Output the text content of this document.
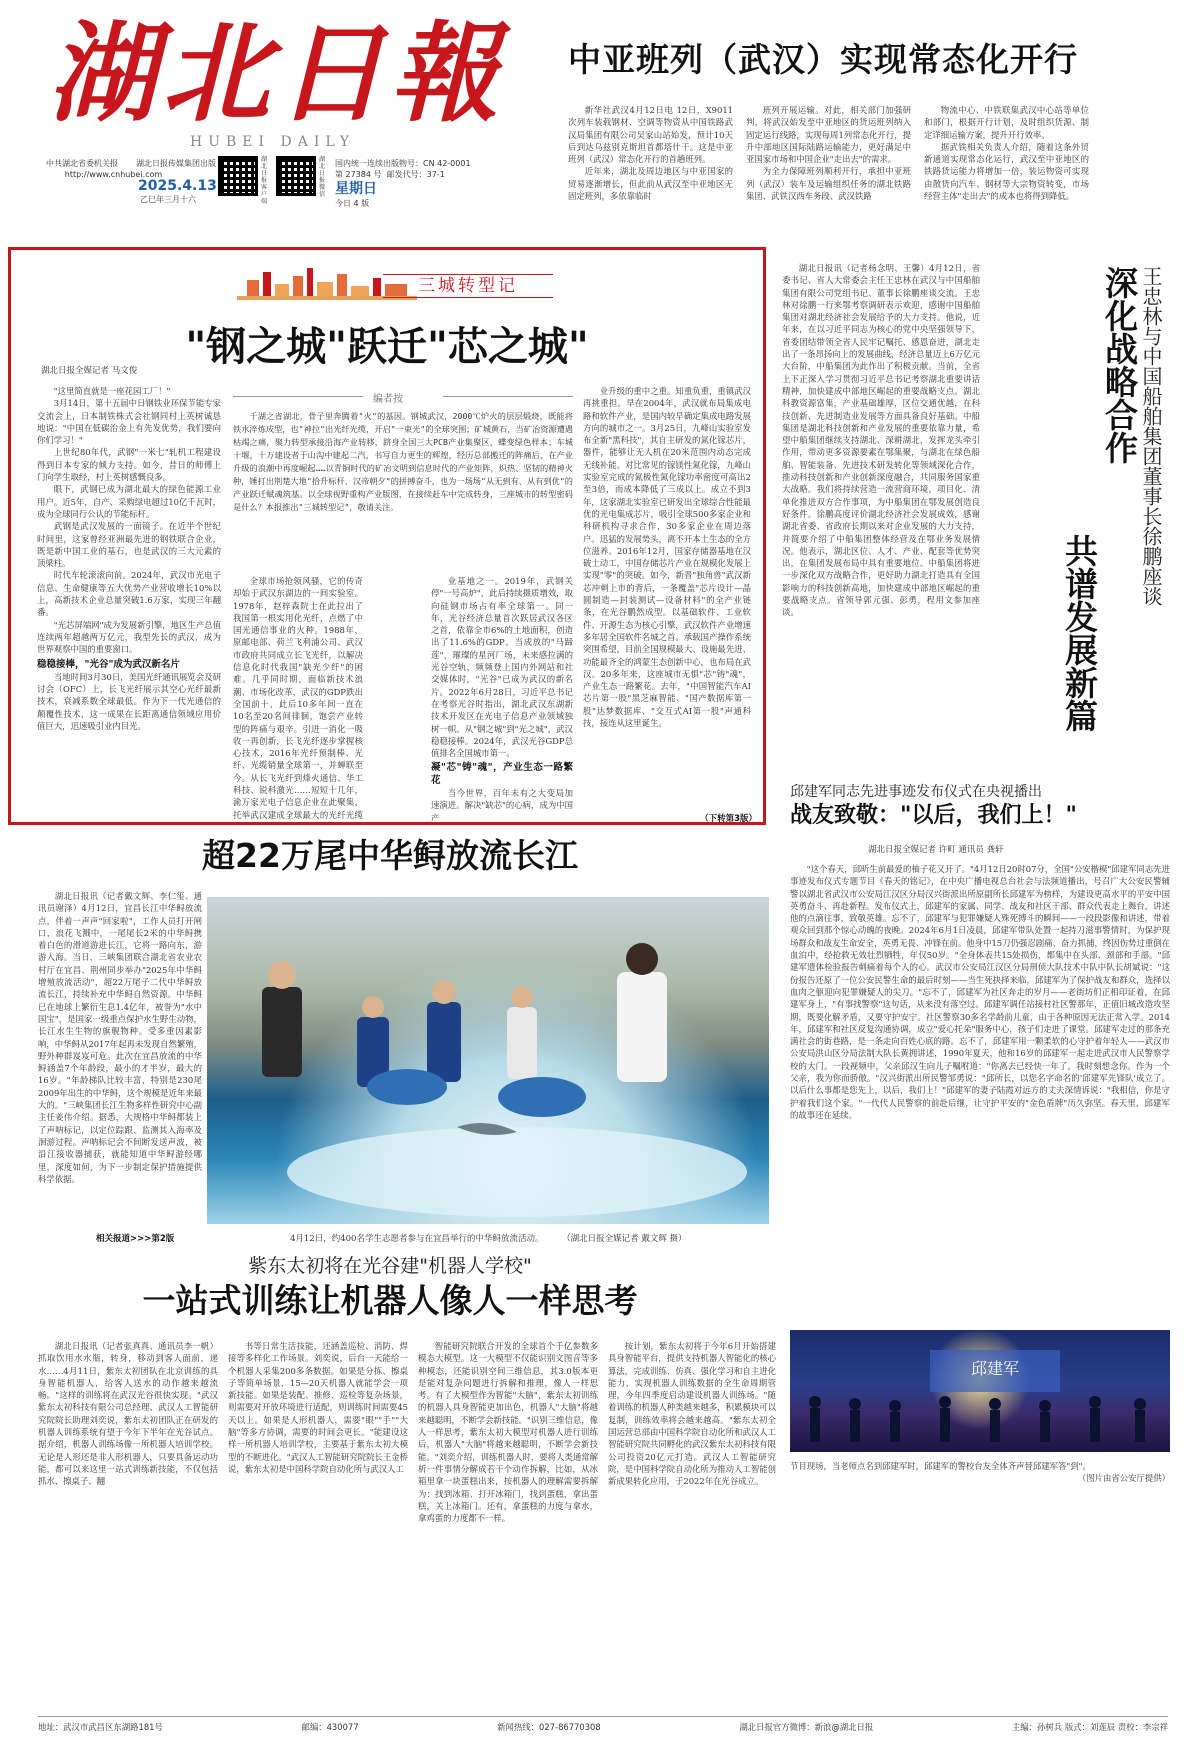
湖北日報
HUBEI DAILY
中共湖北省委机关报
http://www.cnhubei.com
湖北日报传媒集团出版
2025.4.13
乙巳年三月十六
湖北日报客户端
湖北日报微信
国内统一连续出版物号：CN 42-0001
第 27384 号 邮发代号：37-1
星期日
今日 4 版
中亚班列（武汉）实现常态化开行

新华社武汉4月12日电 12日，X9011次列车装载钢材、空调等物资从中国铁路武汉局集团有限公司吴家山站始发，预计10天后到达乌兹别克斯坦首都塔什干。这是中亚班列（武汉）常态化开行的首趟班列。

近年来，湖北及周边地区与中亚国家的贸易逐渐增长，但此前从武汉至中亚地区无固定班列，多依靠临时

班列开展运输。对此，相关部门加强研判，将武汉始发至中亚地区的货运班列纳入固定运行线路，实现每周1列常态化开行，提升中部地区国际陆路运输能力，更好满足中亚国家市场和中国企业"走出去"的需求。

为全力保障班列顺利开行，承担中亚班列（武汉）装车及运输组织任务的湖北铁路集团、武铁汉西车务段、武汉铁路

物流中心、中铁联集武汉中心站等单位和部门，根据开行计划，及时组织货源、制定详细运输方案，提升开行效率。

据武铁相关负责人介绍，随着这条外贸新通道实现常态化运行，武汉至中亚地区的铁路货运能力将增加一倍，装运物资可实现由散货向汽车、钢材等大宗物资转变，市场经营主体"走出去"的成本也将得到降低。

三城转型记
"钢之城"跃迁"芯之城"
湖北日报全媒记者 马文俊
编者按

千湖之省湖北，骨子里奔腾着"火"的基因。钢城武汉，2000℃炉火的层层煅烧，既能将铁水淬炼成型，也"神拉"出光纤光缆，开启"一束光"的全球突围；矿城黄石，当矿冶资源遭遇枯竭之痛，聚力转型承接沿海产业转移，跻身全国三大PCB产业集聚区，蝶变绿色样本；车城十堰，十万建设者于山沟中建起二汽，书写自力更生的辉煌，经历总部搬迁的阵痛后，在产业升级的浪潮中再度崛起……以青铜时代的矿冶文明到信息时代的产业矩阵，炽热、坚韧的精神火种，锤打出荆楚大地"拾升标杆、汉帝朝夕"的拼搏奋斗，也为一场场"从无到有、从有到优"的产业跃迁赋魂筑基。以全球视野重构产业版图，在接续赶车中完成转身，三座城市的转型密码是什么？本报推出"三城转型记"，敬请关注。

"这里简直就是一座花园工厂！"

3月14日，第十五届中日钢铁业环保节能专家交流会上，日本制铁株式会社钢同村上英树诚恳地说："中国在低碳治金上有先发优势，我们要向你们学习！"

上世纪80年代，武钢"一米七"轧机工程建设得到日本专家的倾力支持。如今，昔日的师傅上门向学生取经，村上英树感慨良多。

眼下，武钢已成为湖北最大的绿色能源工业用户。近5年，自产、采购绿电超过10亿千瓦时，成为全球同行公认的节能标杆。

武钢是武汉发展的一面镜子。在近半个世纪时间里，这家曾经亚洲最先进的钢铁联合企业，既是新中国工业的基石，也是武汉的三大元素的顶梁柱。

时代车轮滚滚向前。2024年，武汉市光电子信息、生命健康等五大优势产业营收增长10%以上，高新技术企业总量突破1.6万家，实现三年翻番。

"光芯屏端网"成为发展新引擎，地区生产总值连续两年超越两万亿元，我型先长的武汉，成为世界观察中国的重要窗口。

稳稳接棒，"光谷"成为武汉新名片

当地时间3月30日，美国光纤通讯展览会及研讨会（OFC）上，长飞光纤展示其空心光纤最新技术，衰减系数全球最低。作为下一代光通信的颠覆性技术，这一成果在长距离通信领域应用价值巨大，迅速吸引业内目光。

全球市场抢领风骚，它的传奇却始于武汉东湖边的一间实验室。1978年，赵梓森院士在此拉出了我国第一根实用化光纤，点燃了中国光通信事业的火种。1988年，原邮电部、荷兰飞利浦公司、武汉市政府共同成立长飞光纤，以解决信息化时代我国"缺光少纤"的困难。几乎同时期，面临新技术浪潮、市场化改革，武汉的GDP跌出全国前十，此后10多年间一直在10名至20名间徘徊，饱尝产业转型的阵痛与艰辛。引进一消化一吸收一再创新，长飞光纤逐步掌握核心技术，2016年光纤预制棒、光纤、光缆销量全球第一，并蝉联至今。从长飞光纤到烽火通信、华工科技、锐科激光……短短十几年，渝万家光电子信息企业在此聚集，托举武汉建成全球最大的光纤光缆

业基地之一。2019年，武钢关停"一号高炉"，此后持续摄质增效，取向硅钢市场占有率全球第一。同一年，光谷经济总量首次跃居武汉各区之首，依靠全市6%的土地面积，创造出了11.6%的GDP。当成放的"马蹄莲"，璀璨的星河厂场，未来感拉满的光谷空轨，频频登上国内外网站和社交媒体时，"光谷"已成为武汉的新名片。2022年6月28日，习近平总书记在考察光谷时指出，湖北武汉东湖新技术开发区在光电子信息产业领域独树一帜。从"钢之城"到"光之城"，武汉稳稳接棒。2024年，武汉光谷GDP总值排名全国城市第一。

凝"芯"铸"魂"，产业生态一路繁花

当今世界，百年未有之大变局加速演进。解决"缺芯"的心病，成为中国产

业升级的重中之重。知重负重，重镇武汉再挑重担。早在2004年，武汉就布局集成电路和软件产业，是国内较早确定集成电路发展方向的城市之一。3月25日，九峰山实验室发布全新"黑科技"，其自主研发的氮化镓芯片，器件，能够让无人机在20米范围内动态完成无线补能。对比常见的镓镁性氮化镓，九峰山实验室完成的氮极性氮化镓功率密度可高出2至3倍，而成本降低了三成以上。成立不到3年，这家湖北实验室已研发出全球综合性能最优的光电集成芯片，吸引全球500多家企业和科研机构寻求合作，30多家企业在周边落户。迅猛的发展势头，离不开本土生态的全方位滋养。2016年12月，国家存储器基地在汉破土动工，中国存储芯片产业在规模化发展上实现"零"的突破。如今，新晋"独角兽"武汉新芯冲刺上市的背后，一条覆盖"芯片设计—晶圆制造—封装测试—设备材料"的全产业链条，在光谷鹏然成型。以基础软件、工业软件、开源生态为核心引擎，武汉软件产业增速多年居全国软件名城之首。承载国产操作系统突围希望，目前全国规模最大、设施最先进、功能最齐全的鸿蒙生态创新中心，也布局在武汉。20多年来，这座城市无惧"芯"铸"魂"，产业生态一路繁花。去年，"中国智能汽车AI芯片第一股"黑芝麻智能、"国产数据库第一股"达梦数据库、"交互式AI第一股"声通科技，接连从这里诞生。

（下转第3版）

湖北日报讯（记者杨念明、王馨）4月12日，省委书记、省人大常委会主任王忠林在武汉与中国船舶集团有限公司党组书记、董事长徐鹏座谈交流。王忠林对徐鹏一行来鄂考察调研表示欢迎，感谢中国船舶集团对湖北经济社会发展给予的大力支持。他说，近年来，在以习近平同志为核心的党中央坚强领导下，省委团结带领全省人民牢记嘱托、感恩奋进，湖北走出了一条昂扬向上的发展曲线，经济总量迈上6万亿元大台阶，中船集团为此作出了积极贡献。当前，全省上下正深入学习贯彻习近平总书记考察湖北重要讲话精神，加快建成中部地区崛起的重要战略支点。湖北科教资源富集，产业基础雄厚，区位交通优越，在科技创新、先进制造业发展等方面具备良好基础。中船集团是湖北科技创新和产业发展的重要依靠力量，希望中船集团继续支持湖北、深耕湖北，发挥龙头牵引作用，带动更多资源要素在鄂集聚，与湖北在绿色船舶、智能装备、先进技术研发转化等领域深化合作，推动科技创新和产业创新深度融合，共同服务国家重大战略。我们将持续营造一流营商环境，项目化、清单化推进双方合作事项，为中船集团在鄂发展创造良好条件。徐鹏高度评价湖北经济社会发展成效，感谢湖北省委、省政府长期以来对企业发展的大力支持，并简要介绍了中船集团整体经营及在鄂业务发展情况。他表示，湖北区位、人才、产业、配套等优势突出，在集团发展布局中具有重要地位。中船集团将进一步深化双方战略合作，更好助力湖北打造具有全国影响力的科技创新高地，加快建成中部地区崛起的重要战略支点。省领导郭元强、彭勇，程用文参加座谈。

王忠林与中国船舶集团董事长徐鹏座谈
深化战略合作
共谱发展新篇
超22万尾中华鲟放流长江

湖北日报讯（记者戴文辉、李仁玺、通讯员谢泽）4月12日，宜昌长江中华鲟放流点，伴着一声声"回家啦"，工作人员打开闸口，浪花飞溅中，一尾尾长2米的中华鲟携着白色的滑道游进长江，它将一路向东，游游入海。当日，三峡集团联合湖北省农业农村厅在宜昌、荆州同步举办"2025年中华鲟增殖放流活动"，超22万尾子二代中华鲟放流长江，持续补充中华鲟自然资源。中华鲟已在地球上繁衍生息1.4亿年，被誉为"水中国宝"，是国家一级重点保护水生野生动物，长江水生生物的旗舰物种。受多重因素影响，中华鲟从2017年起再未发现自然繁殖，野外种群岌岌可危。此次在宜昌放流的中华鲟涵盖7个年龄段，最小的才半岁，最大的16岁。"年龄梯队比较丰富，特别是230尾2009年出生的中华鲟，这个规模是近年来最大的。"三峡集团长江生物多样性研究中心副主任姜伟介绍。据悉，大规格中华鲟都装上了声呐标记，以定位踪跟、监测其入海率及洄游过程。声呐标记会不间断发送声波，被沿江接收器捕获，就能知道中华鲟游经哪里，深度如何，为下一步制定保护措施提供科学依据。

相关报道>>>第2版	4月12日，约400名学生志愿者参与在宜昌举行的中华鲟放流活动。 （湖北日报全媒记者 戴文辉 摄）
邱建军同志先进事迹发布仪式在央视播出
战友致敬："以后，我们上！"
湖北日报全媒记者 许町 通讯员 龚轩

"这个春天，邱昕生前最爱的柚子花又开了。"4月12日20时07分，全国"公安楷模"邱建军同志先进事迹发布仪式专题节目《春天的铭记》，在中央广播电视总台社会与法频道播出，号召广大公安民警辅警以湖北省武汉市公安局江汉区分局汉兴街派出所原副所长邱建军为榜样，为建设更高水平的平安中国英勇奋斗、再赴新程。发布仪式上，邱建军的家属、同学、战友和社区干部、群众代表走上舞台，讲述他的点滴往事，致敬英雄。忘不了，邱建军与犯罪嫌疑人殊死搏斗的瞬间——一段段影像和讲述，带着观众回到那个惊心动魄的夜晚。2024年6月1日凌晨，邱建军带队处置一起持刀滋事警情时，为保护现场群众和战友生命安全，英勇无畏、冲锋在前。他身中15刀仍强忍剧痛、奋力抓捕，终因伤势过重倒在血泊中，经抢救无效壮烈牺牲，年仅50岁。"全身体表共15处损伤，都集中在头部、颈部和手部。"邱建军遗体检验报告刺痛着每个人的心。武汉市公安局江汉区分局刑侦大队技术中队中队长胡斌说："这份报告还原了一位公安民警生命的最后时刻——当生死抉择来临，邱建军为了保护战友和群众，选择以血肉之躯迎向犯罪嫌疑人的尖刀。"忘不了，邱建军为社区奔走的岁月——老街坊们正相印证着，在邱建军身上，"有事找警察"这句话，从来没有落空过。邱建军调任站接村社区警那年，正值旧城改造攻坚期，既要化解矛盾，又要守护安宁。社区警察30多名学龄前儿童，由于各种原因无法正常入学。2014年，邱建军和社区反复沟通协调，成立"爱心托朵"服务中心，孩子们走进了课堂。邱建军走过的那条充满社会的街巷路，是一条走向百姓心底的路。忘不了，邱建军用一颗柔软的心守护着年轻人——武汉市公安局洪山区分局法制大队长黄拥讲述，1990年夏天，他和16岁的邱建军一起走进武汉市人民警察学校的大门。一段视频中，父亲邱汉生向儿子嘱咐道："你离去已经快一年了，我时刻想念你。作为一个父亲，我为你而骄傲。"汉兴街派出所民警邹勇说："邱所长，以您名字命名的'邱建军先锋队'成立了。以后什么事都是您先上，以后，我们上！"邱建军的妻子陆霞对远方的丈夫深情诉说："我相信，你是守护着我们这个家。"一代代人民警察的前赴后继，让守护平安的"金色盾牌"历久弥坚。春天里，邱建军的故事还在延续。

邱建军

节目现场，当老师点名到邱建军时，邱建军的警校台友全体齐声替邱建军答"到"。

（图片由省公安厅提供）

紫东太初将在光谷建"机器人学校"
一站式训练让机器人像人一样思考

湖北日报讯（记者张真真、通讯员李一帆）抓取饮用水水瓶，转身，移动到客人面前，递水……4月11日，紫东太初团队在北京训练的具身智能机器人，给客人送水的动作越来越流畅。"这样的训练将在武汉光谷很快实现。"武汉紫东太初科技有限公司总经理、武汉人工智能研究院院长助理刘奕说，紫东太初团队正在研发的机器人训练系统有望于今年下半年在光谷试点。据介绍，机器人训练场像一所机器人培训学校。无论是人形还是非人形机器人，只要具备运动功能，都可以来这里一站式训练新技能，不仅包括抓水、擦桌子、翻

书等日常生活技能，还涵盖巡检、消防、焊接等多样化工作场景。刘奕说，后台一天能给一个机器人采集200多条数据。如果是分拣、擦桌子等简单场景，15—20天机器人就能学会一项新技能。如果是装配、推修、巡检等复杂场景，则需要对开放环境进行适配，则训练时间需要45天以上。如果是人形机器人，需要"眼""手""大脑"等多方协调，需要的时间会更长。"能建设这样一所机器人培训学校，主要基于紫东太初大模型的不断进化。"武汉人工智能研究院院长王金桥说，紫东太初是中国科学院自动化所与武汉人工

智能研究院联合开发的全球首个千亿参数多模态大模型。这一大模型不仅能识别文图音等多种模态，还能识别空间三维信息，其3.0版本更是能对复杂问题进行拆解和推理，像人一样思考。有了大模型作为智能"大脑"，紫东太初训练的机器人具身智能更加出色，机器人"大脑"将越来越聪明，不断学会新技能。"识别三维信息，像人一样思考，紫东太初大模型对机器人进行训练后，机器人"大脑"将越来越聪明，不断学会新技能。"刘奕介绍，训练机器人时，要将人类通常解析一件事情分解成若干个动作拆解，比如，从冰箱里拿一块蛋糕出来，按机器人的理解需要拆解为：找到冰箱、打开冰箱门，找到蛋糕，拿出蛋糕，关上冰箱门。还有，拿蛋糕的力度与拿水，拿鸡蛋的力度都不一样。

按计划，紫东太初将于今年6月开始搭建具身智能平台，提供支持机器人智能化的核心算法，完成训练、仿真、强化学习和自主进化能力，实现机器人训练数据的全生命周期管理，今年四季度启动建设机器人训练场。"随着训练的机器人种类越来越多，积累模块可以复制，训练效率将会越来越高。"紫东太初全国运营总部由中国科学院自动化所和武汉人工智能研究院共同孵化的武汉紫东太初科技有限公司投资20亿元打造。武汉人工智能研究院，是中国科学院自动化所为推动人工智能创新成果转化应用，于2022年在光谷成立。

地址：武汉市武昌区东湖路181号	邮编：430077	新闻热线：027-86770308	湖北日报官方微博：新浪@湖北日报	主编：孙树兵 版式：刘莲辰 责校：李宗祥
